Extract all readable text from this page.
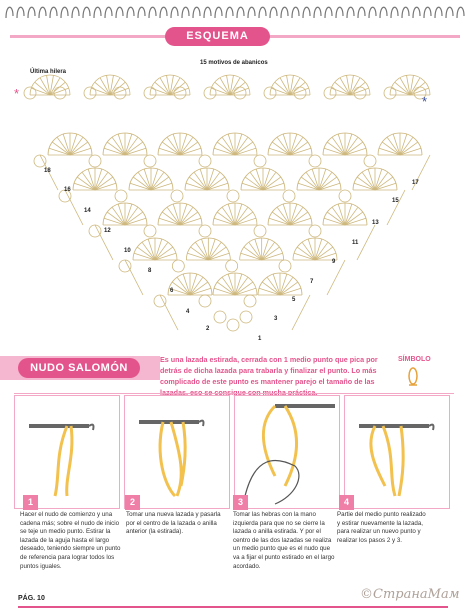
ESQUEMA
15 motivos de abanicos
Última hilera
*
*
18
16
14
12
10
8
6
4
2
17
15
13
11
9
7
5
3
1
NUDO SALOMÓN
Es una lazada estirada, cerrada con 1 medio punto que pica por detrás de dicha lazada para trabarla y finalizar el punto. Lo más complicado de este punto es mantener parejo el tamaño de las
SÍMBOLO
1	2	3	4
Hacer el nudo de comienzo y una cadena más; sobre el nudo de inicio se teje un medio punto. Estirar la lazada de la aguja hasta el largo deseado, teniendo siempre un punto de referencia para lograr todos los puntos iguales.
Tomar una nueva lazada y pasarla por el centro de la lazada o anilla anterior (la estirada).
Tomar las hebras con la mano izquierda para que no se cierre la lazada o anilla estirada. Y por el centro de las dos lazadas se realiza un medio punto que es el nudo que va a fijar el punto estirado en el largo acordado.
Partie del medio punto realizado y estirar nuevamente la lazada, para realizar un nuevo punto y realizar los pasos 2 y 3.
PÁG. 10	©СтранаМам
